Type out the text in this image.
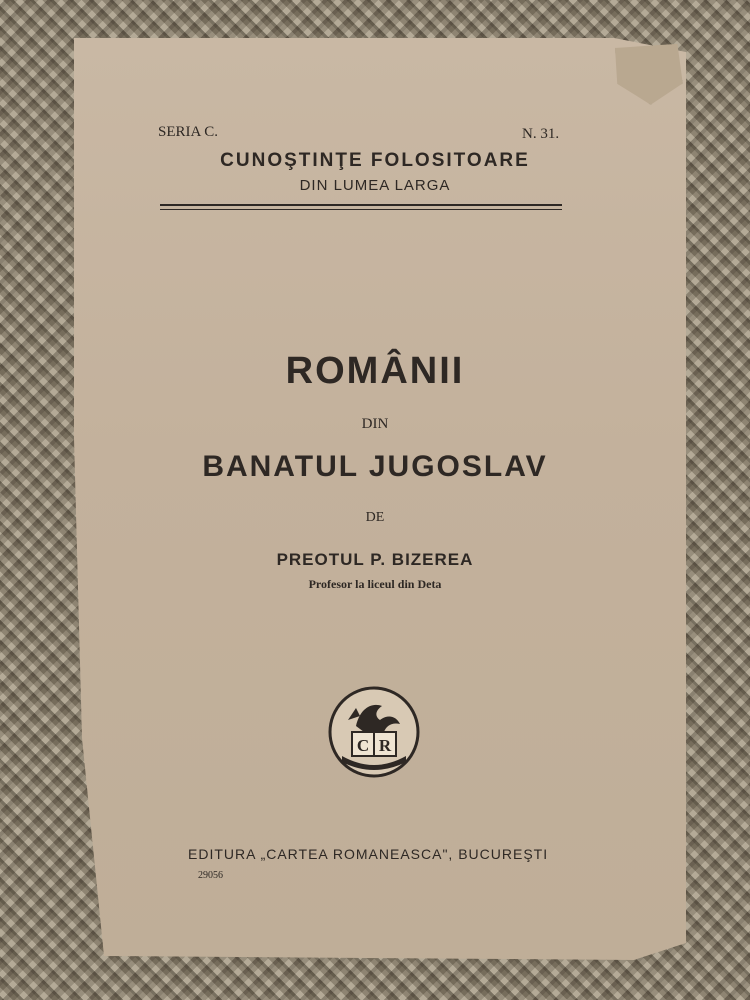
SERIA C.	N. 31.
CUNOŞTINŢE FOLOSITOARE
DIN LUMEA LARGA
ROMÂNII
DIN
BANATUL JUGOSLAV
DE
PREOTUL P. BIZEREA
Profesor la liceul din Deta
C R
EDITURA „CARTEA ROMANEASCA", BUCUREŞTI
29056
